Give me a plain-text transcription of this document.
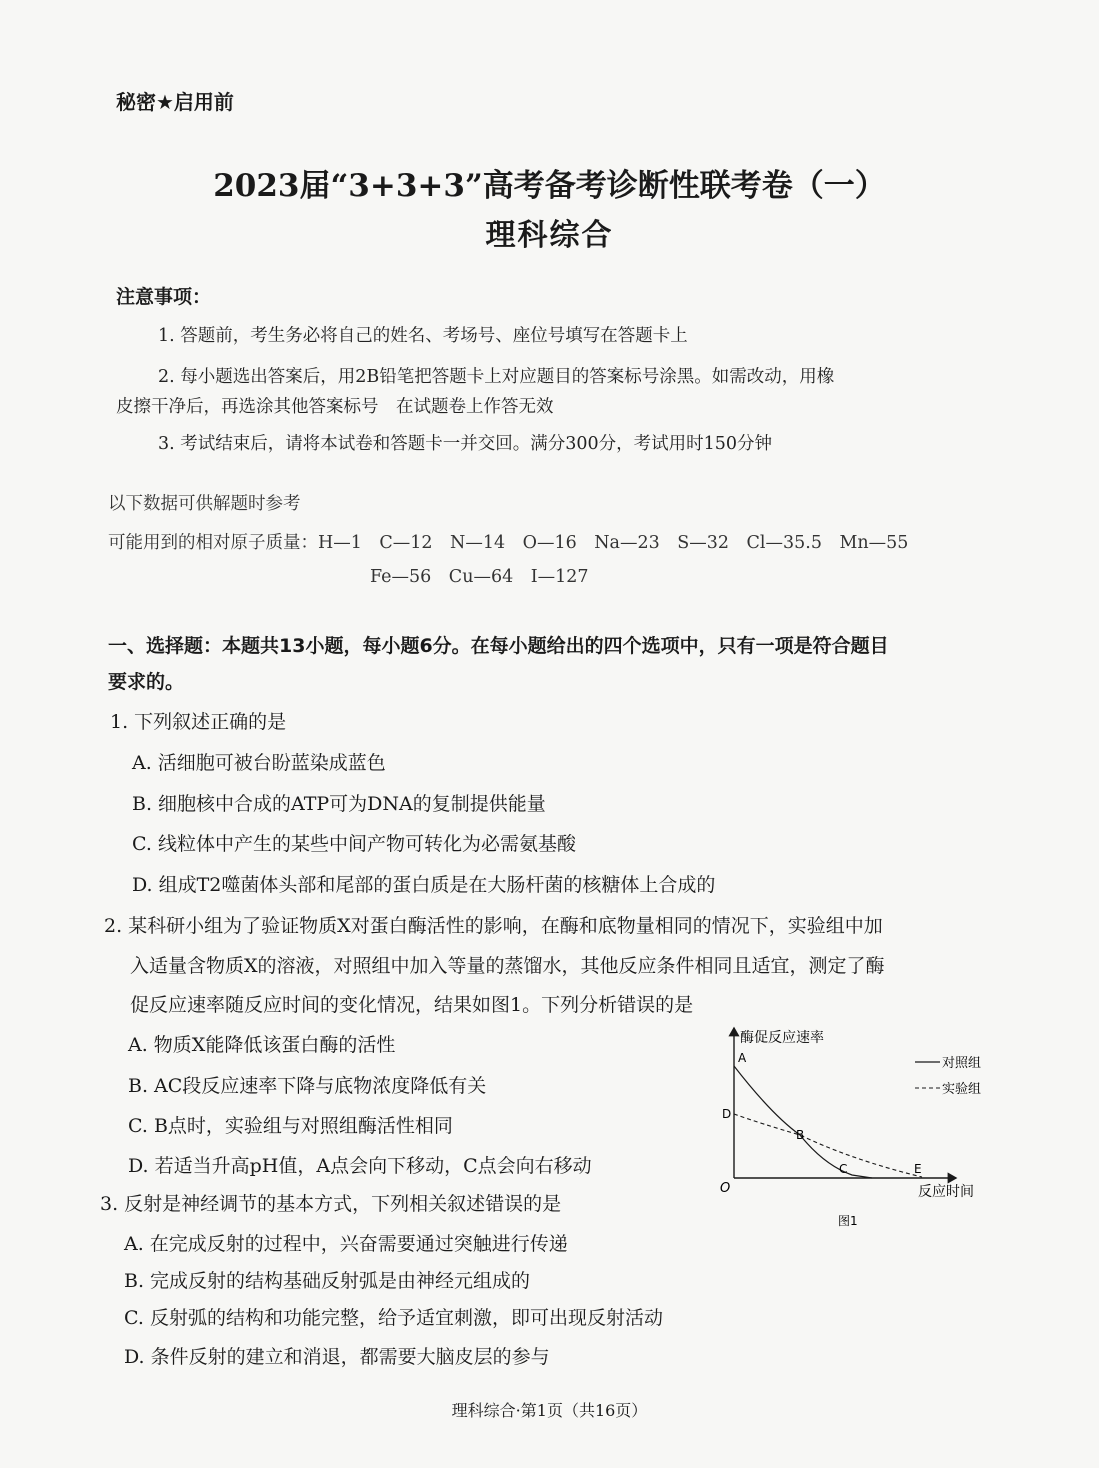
秘密★启用前
2023届“3+3+3”高考备考诊断性联考卷（一）
理科综合
注意事项：
1. 答题前，考生务必将自己的姓名、考场号、座位号填写在答题卡上
2. 每小题选出答案后，用2B铅笔把答题卡上对应题目的答案标号涂黑。如需改动，用橡
皮擦干净后，再选涂其他答案标号　在试题卷上作答无效
3. 考试结束后，请将本试卷和答题卡一并交回。满分300分，考试用时150分钟
以下数据可供解题时参考
可能用到的相对原子质量：H—1　C—12　N—14　O—16　Na—23　S—32　Cl—35.5　Mn—55
Fe—56　Cu—64　I—127
一、选择题：本题共13小题，每小题6分。在每小题给出的四个选项中，只有一项是符合题目
要求的。
1. 下列叙述正确的是
A. 活细胞可被台盼蓝染成蓝色
B. 细胞核中合成的ATP可为DNA的复制提供能量
C. 线粒体中产生的某些中间产物可转化为必需氨基酸
D. 组成T2噬菌体头部和尾部的蛋白质是在大肠杆菌的核糖体上合成的
2. 某科研小组为了验证物质X对蛋白酶活性的影响，在酶和底物量相同的情况下，实验组中加
入适量含物质X的溶液，对照组中加入等量的蒸馏水，其他反应条件相同且适宜，测定了酶
促反应速率随反应时间的变化情况，结果如图1。下列分析错误的是
A. 物质X能降低该蛋白酶的活性
B. AC段反应速率下降与底物浓度降低有关
C. B点时，实验组与对照组酶活性相同
D. 若适当升高pH值，A点会向下移动，C点会向右移动
酶促反应速率
反应时间
O
A
B
C
D
E
对照组
实验组
图1
3. 反射是神经调节的基本方式，下列相关叙述错误的是
A. 在完成反射的过程中，兴奋需要通过突触进行传递
B. 完成反射的结构基础反射弧是由神经元组成的
C. 反射弧的结构和功能完整，给予适宜刺激，即可出现反射活动
D. 条件反射的建立和消退，都需要大脑皮层的参与
理科综合·第1页（共16页）
